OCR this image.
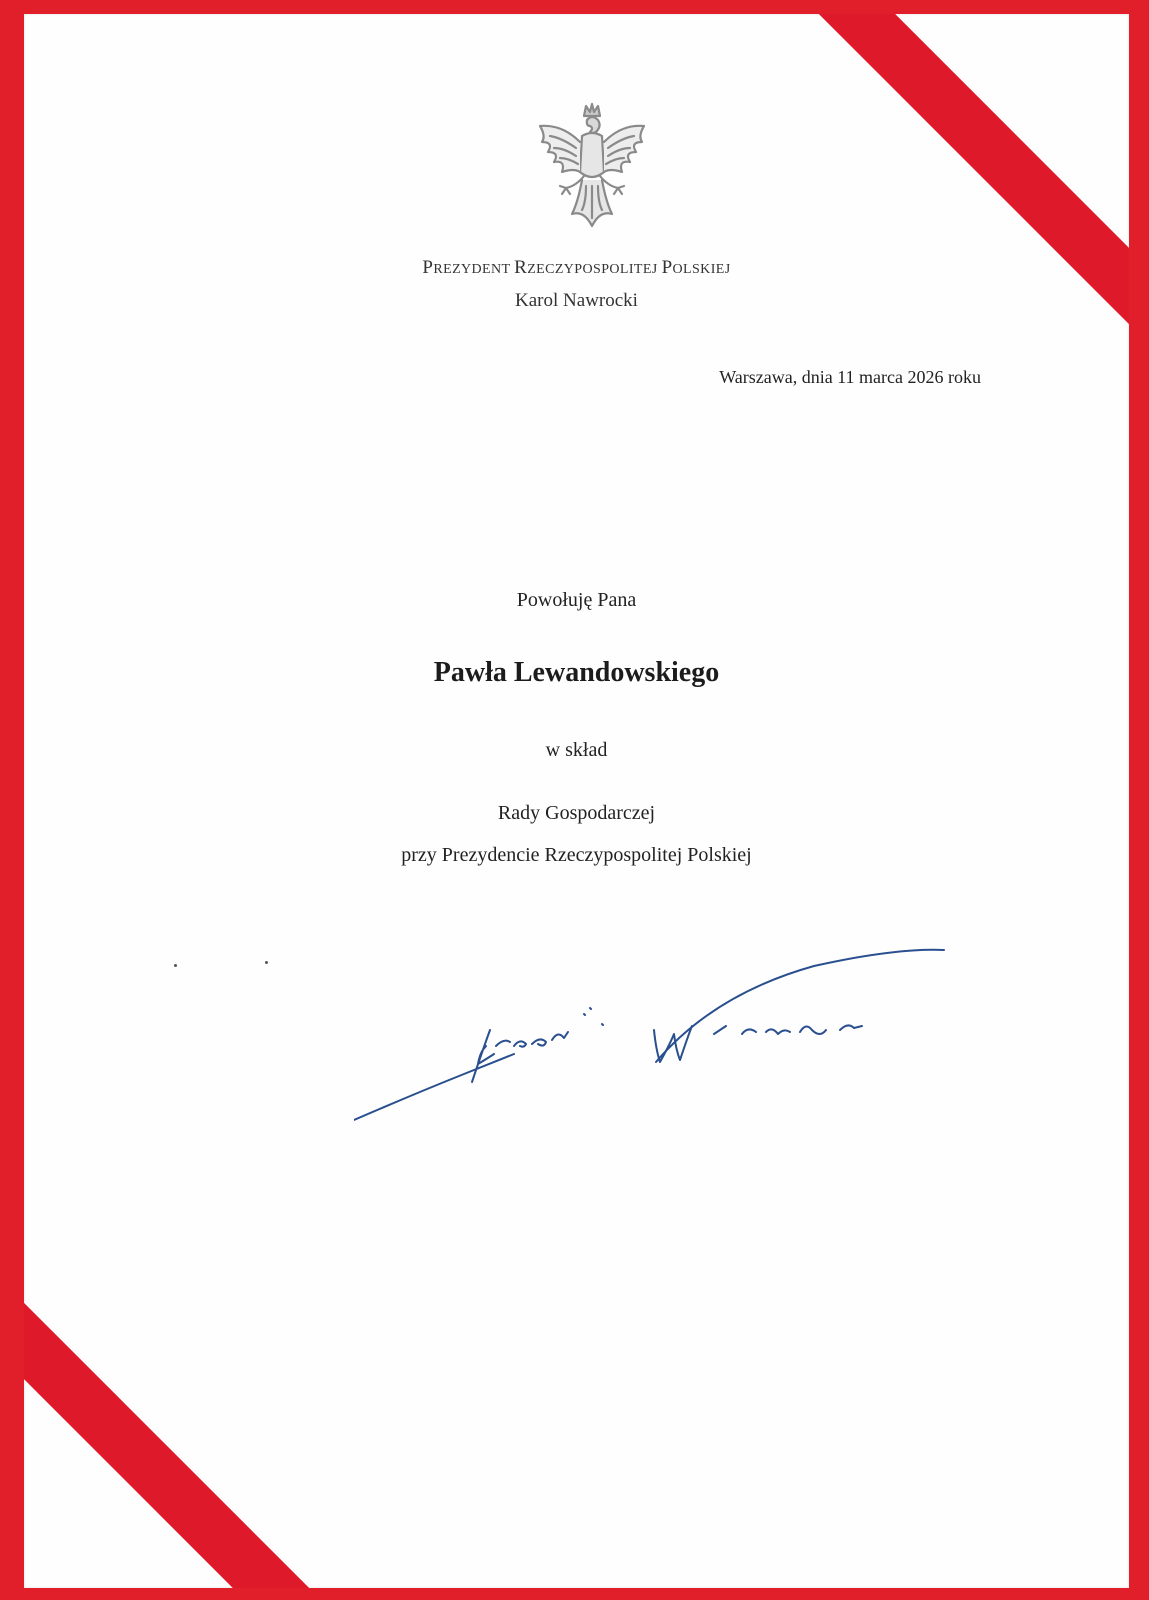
PREZYDENT RZECZYPOSPOLITEJ POLSKIEJ
Karol Nawrocki
Warszawa, dnia 11 marca 2026 roku
Powołuję Pana
Pawła Lewandowskiego
w skład
Rady Gospodarczej
przy Prezydencie Rzeczypospolitej Polskiej
